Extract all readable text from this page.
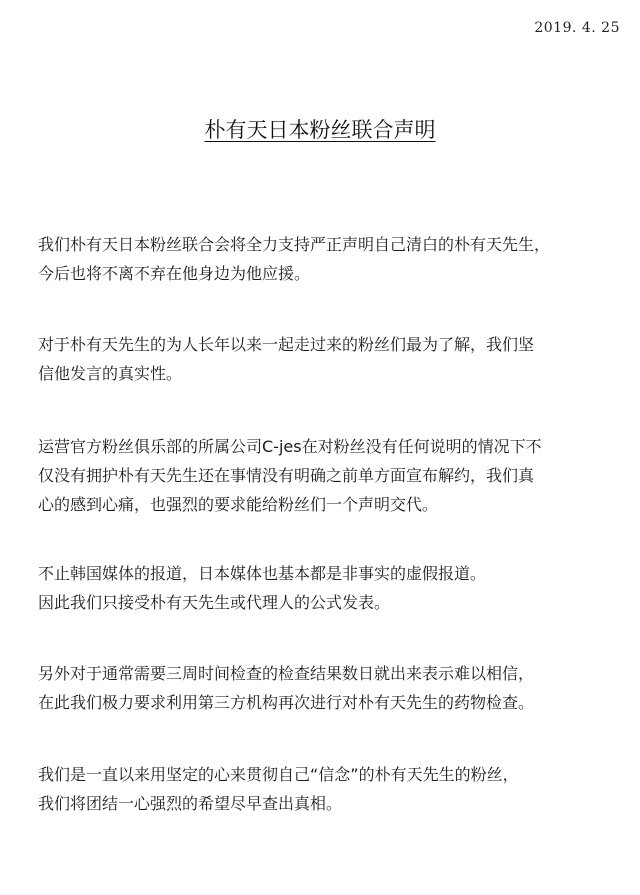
2019. 4. 25
朴有天日本粉丝联合声明

我们朴有天日本粉丝联合会将全力支持严正声明自己清白的朴有天先生，
今后也将不离不弃在他身边为他应援。

对于朴有天先生的为人长年以来一起走过来的粉丝们最为了解，我们坚
信他发言的真实性。

运营官方粉丝俱乐部的所属公司C-jes在对粉丝没有任何说明的情况下不
仅没有拥护朴有天先生还在事情没有明确之前单方面宣布解约，我们真
心的感到心痛，也强烈的要求能给粉丝们一个声明交代。

不止韩国媒体的报道，日本媒体也基本都是非事实的虚假报道。
因此我们只接受朴有天先生或代理人的公式发表。

另外对于通常需要三周时间检查的检查结果数日就出来表示难以相信，
在此我们极力要求利用第三方机构再次进行对朴有天先生的药物检查。

我们是一直以来用坚定的心来贯彻自己“信念”的朴有天先生的粉丝，
我们将团结一心强烈的希望尽早查出真相。
